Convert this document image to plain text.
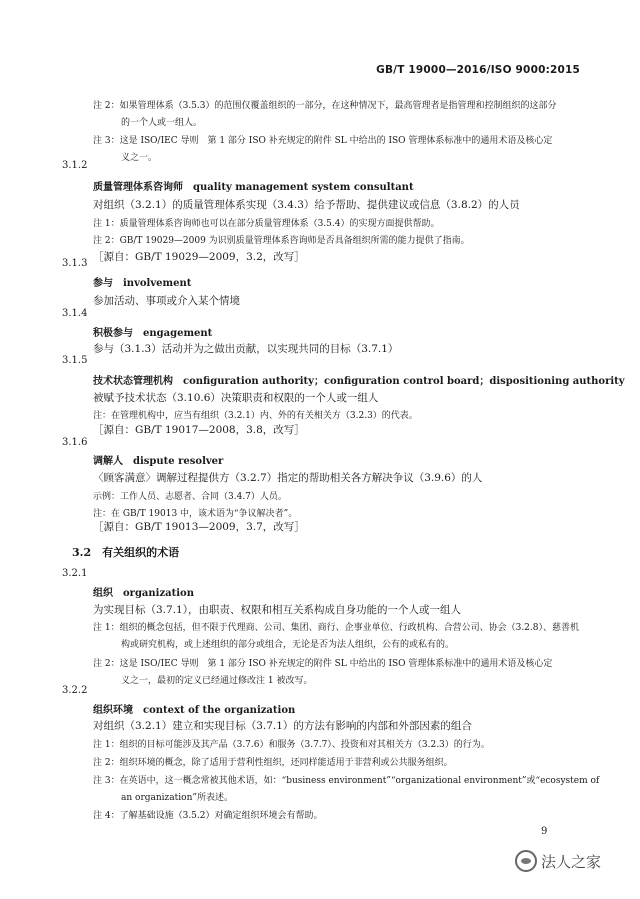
GB/T 19000—2016/ISO 9000:2015
注 2：如果管理体系（3.5.3）的范围仅覆盖组织的一部分，在这种情况下，最高管理者是指管理和控制组织的这部分
的一个人或一组人。
注 3：这是 ISO/IEC 导则　第 1 部分 ISO 补充规定的附件 SL 中给出的 ISO 管理体系标准中的通用术语及核心定
义之一。
3.1.2
质量管理体系咨询师　quality management system consultant
对组织（3.2.1）的质量管理体系实现（3.4.3）给予帮助、提供建议或信息（3.8.2）的人员
注 1：质量管理体系咨询师也可以在部分质量管理体系（3.5.4）的实现方面提供帮助。
注 2：GB/T 19029—2009 为识别质量管理体系咨询师是否具备组织所需的能力提供了指南。
［源自：GB/T 19029—2009，3.2，改写］
3.1.3
参与　involvement
参加活动、事项或介入某个情境
3.1.4
积极参与　engagement
参与（3.1.3）活动并为之做出贡献，以实现共同的目标（3.7.1）
3.1.5
技术状态管理机构　configuration authority；configuration control board；dispositioning authority
被赋予技术状态（3.10.6）决策职责和权限的一个人或一组人
注：在管理机构中，应当有组织（3.2.1）内、外的有关相关方（3.2.3）的代表。
［源自：GB/T 19017—2008，3.8，改写］
3.1.6
调解人　dispute resolver
〈顾客满意〉调解过程提供方（3.2.7）指定的帮助相关各方解决争议（3.9.6）的人
示例：工作人员、志愿者、合同（3.4.7）人员。
注：在 GB/T 19013 中，该术语为“争议解决者”。
［源自：GB/T 19013—2009，3.7，改写］
3.2　有关组织的术语
3.2.1
组织　organization
为实现目标（3.7.1），由职责、权限和相互关系构成自身功能的一个人或一组人
注 1：组织的概念包括，但不限于代理商、公司、集团、商行、企事业单位、行政机构、合营公司、协会（3.2.8）、慈善机
构或研究机构，或上述组织的部分或组合，无论是否为法人组织，公有的或私有的。
注 2：这是 ISO/IEC 导则　第 1 部分 ISO 补充规定的附件 SL 中给出的 ISO 管理体系标准中的通用术语及核心定
义之一，最初的定义已经通过修改注 1 被改写。
3.2.2
组织环境　context of the organization
对组织（3.2.1）建立和实现目标（3.7.1）的方法有影响的内部和外部因素的组合
注 1：组织的目标可能涉及其产品（3.7.6）和服务（3.7.7）、投资和对其相关方（3.2.3）的行为。
注 2：组织环境的概念，除了适用于营利性组织，还同样能适用于非营利或公共服务组织。
注 3：在英语中，这一概念常被其他术语，如：“business environment”“organizational environment”或“ecosystem of
an organization”所表述。
注 4：了解基础设施（3.5.2）对确定组织环境会有帮助。
9
法人之家
